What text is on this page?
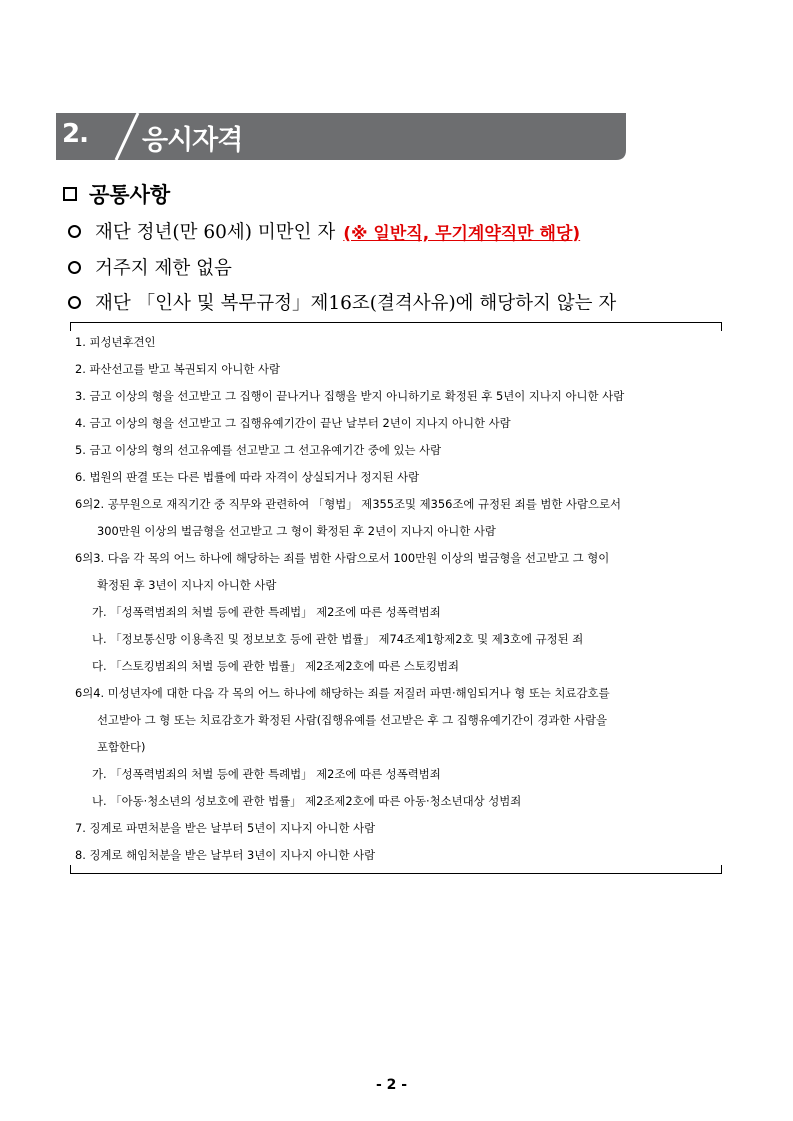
2. 응시자격
공통사항
재단 정년(만 60세) 미만인 자 (※ 일반직, 무기계약직만 해당)
거주지 제한 없음
재단 「인사 및 복무규정」제16조(결격사유)에 해당하지 않는 자
1. 피성년후견인
2. 파산선고를 받고 복권되지 아니한 사람
3. 금고 이상의 형을 선고받고 그 집행이 끝나거나 집행을 받지 아니하기로 확정된 후 5년이 지나지 아니한 사람
4. 금고 이상의 형을 선고받고 그 집행유예기간이 끝난 날부터 2년이 지나지 아니한 사람
5. 금고 이상의 형의 선고유예를 선고받고 그 선고유예기간 중에 있는 사람
6. 법원의 판결 또는 다른 법률에 따라 자격이 상실되거나 정지된 사람
6의2. 공무원으로 재직기간 중 직무와 관련하여 「형법」 제355조및 제356조에 규정된 죄를 범한 사람으로서
300만원 이상의 벌금형을 선고받고 그 형이 확정된 후 2년이 지나지 아니한 사람
6의3. 다음 각 목의 어느 하나에 해당하는 죄를 범한 사람으로서 100만원 이상의 벌금형을 선고받고 그 형이
확정된 후 3년이 지나지 아니한 사람
가. 「성폭력범죄의 처벌 등에 관한 특례법」 제2조에 따른 성폭력범죄
나. 「정보통신망 이용촉진 및 정보보호 등에 관한 법률」 제74조제1항제2호 및 제3호에 규정된 죄
다. 「스토킹범죄의 처벌 등에 관한 법률」 제2조제2호에 따른 스토킹범죄
6의4. 미성년자에 대한 다음 각 목의 어느 하나에 해당하는 죄를 저질러 파면·해임되거나 형 또는 치료감호를
선고받아 그 형 또는 치료감호가 확정된 사람(집행유예를 선고받은 후 그 집행유예기간이 경과한 사람을
포함한다)
가. 「성폭력범죄의 처벌 등에 관한 특례법」 제2조에 따른 성폭력범죄
나. 「아동·청소년의 성보호에 관한 법률」 제2조제2호에 따른 아동·청소년대상 성범죄
7. 징계로 파면처분을 받은 날부터 5년이 지나지 아니한 사람
8. 징계로 해임처분을 받은 날부터 3년이 지나지 아니한 사람
- 2 -
